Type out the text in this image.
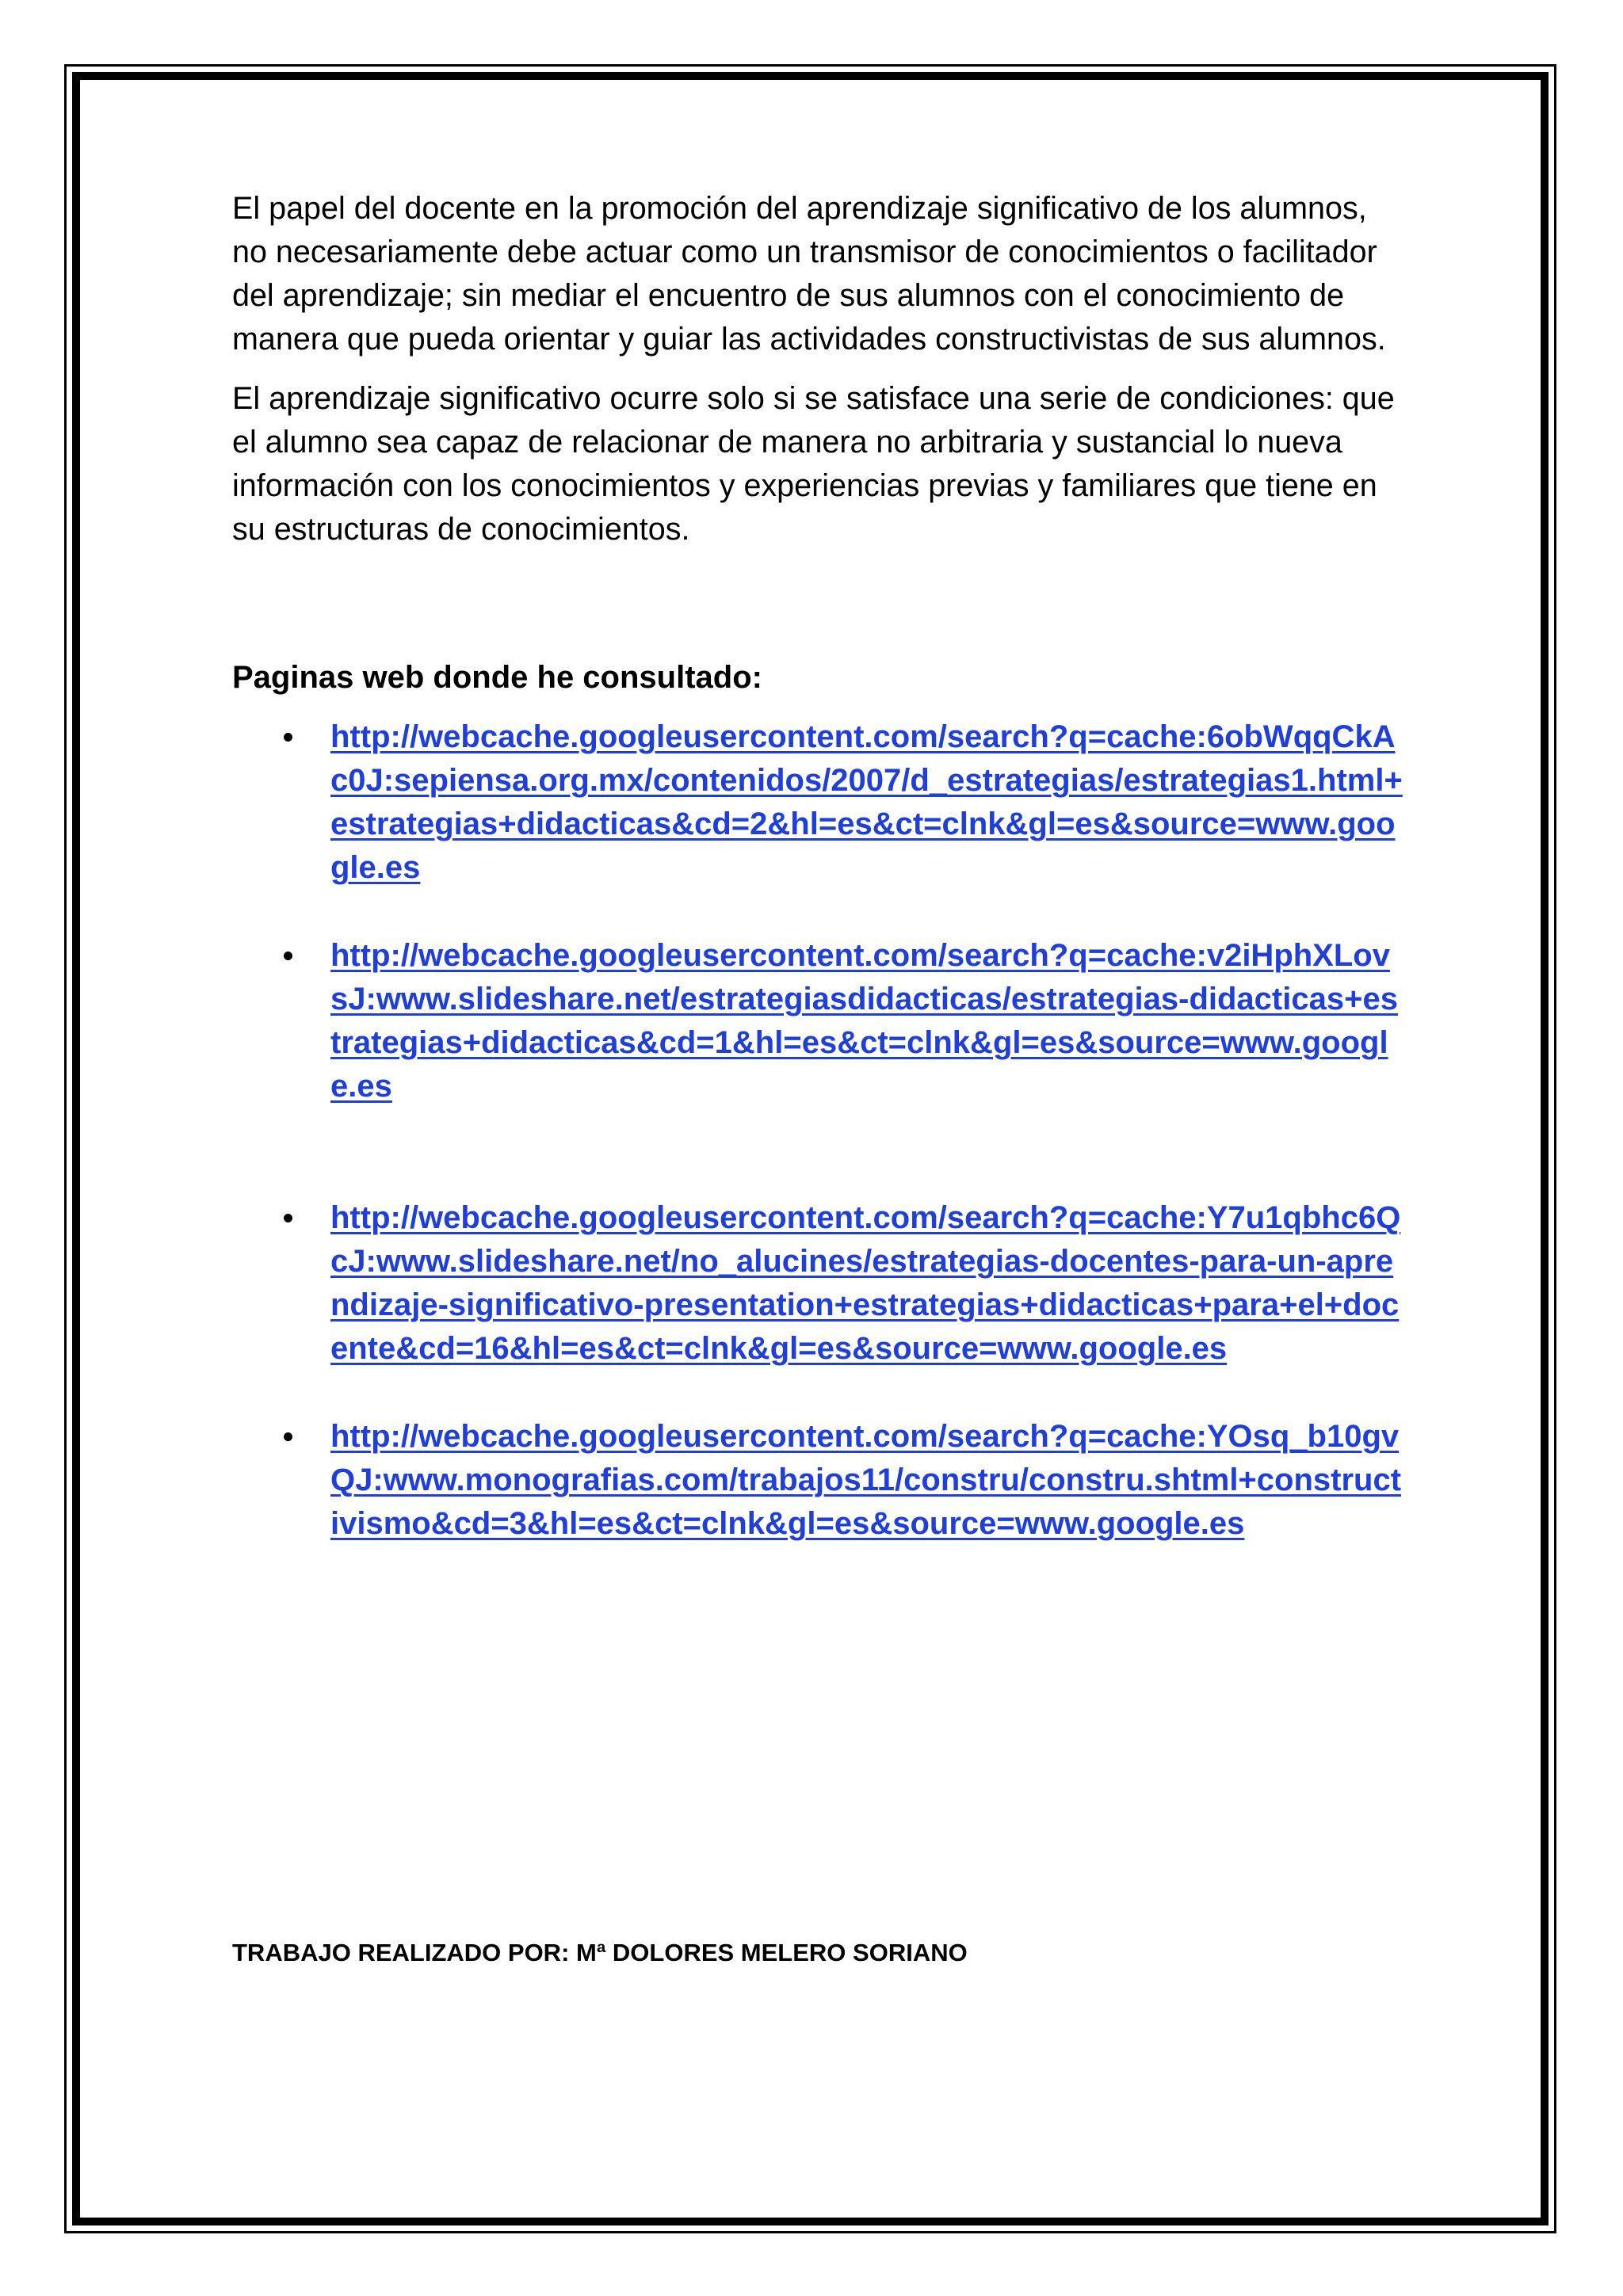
El papel del docente en la promoción del aprendizaje significativo de los alumnos, no necesariamente debe actuar como un transmisor de conocimientos o facilitador del aprendizaje; sin mediar el encuentro de sus alumnos con el conocimiento de manera que pueda orientar y guiar las actividades constructivistas de sus alumnos.

El aprendizaje significativo ocurre solo si se satisface una serie de condiciones: que el alumno sea capaz de relacionar de manera no arbitraria y sustancial lo nueva información con los conocimientos y experiencias previas y familiares que tiene en su estructuras de conocimientos.

Paginas web donde he consultado:
http://webcache.googleusercontent.com/search?q=cache:6obWqqCkAc0J:sepiensa.org.mx/contenidos/2007/d_estrategias/estrategias1.html+estrategias+didacticas&cd=2&hl=es&ct=clnk&gl=es&source=www.google.es
http://webcache.googleusercontent.com/search?q=cache:v2iHphXLovsJ:www.slideshare.net/estrategiasdidacticas/estrategias-didacticas+estrategias+didacticas&cd=1&hl=es&ct=clnk&gl=es&source=www.google.es
http://webcache.googleusercontent.com/search?q=cache:Y7u1qbhc6QcJ:www.slideshare.net/no_alucines/estrategias-docentes-para-un-aprendizaje-significativo-presentation+estrategias+didacticas+para+el+docente&cd=16&hl=es&ct=clnk&gl=es&source=www.google.es
http://webcache.googleusercontent.com/search?q=cache:YOsq_b10gvQJ:www.monografias.com/trabajos11/constru/constru.shtml+constructivismo&cd=3&hl=es&ct=clnk&gl=es&source=www.google.es
TRABAJO REALIZADO POR: Mª DOLORES MELERO SORIANO
